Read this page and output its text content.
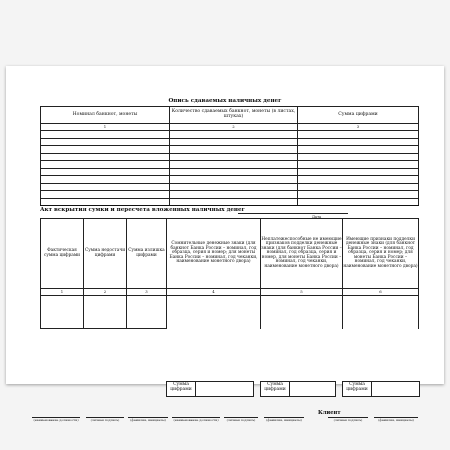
Опись сдаваемых наличных денег
Номинал банкнот, монеты	Количество сдаваемых банкнот, монеты (в листах, штуках)	Сумма цифрами
1	2	3

Акт вскрытия сумки и пересчета вложенных наличных денег
Дата
Фактическая сумма цифрами	Сумма недостачи цифрами	Сумма излишка цифрами	Сомнительные денежные знаки (для банкнот Банка России – номинал, год образца, серия и номер; для монеты Банка России – номинал, год чеканки, наименование монетного двора)	Неплатежеспособные не имеющие признаков подделки денежные знаки (для банкнот Банка России – номинал, год образца, серия и номер, для монеты Банка России – номинал, год чеканки, наименование монетного двора)	Имеющие признаки подделки денежные знаки (для банкнот Банка России – номинал, год образца, серия и номер; для монеты Банка России – номинал, год чеканки, наименование монетного двора)
1	2	3	4	5	6

Сумма цифрами
Сумма цифрами
Сумма цифрами
Клиент
(наименование должности)	(личная подпись)	(фамилия, инициалы)	(наименование должности)	(личная подпись)	(фамилия, инициалы)	(личная подпись)	(фамилия, инициалы)
